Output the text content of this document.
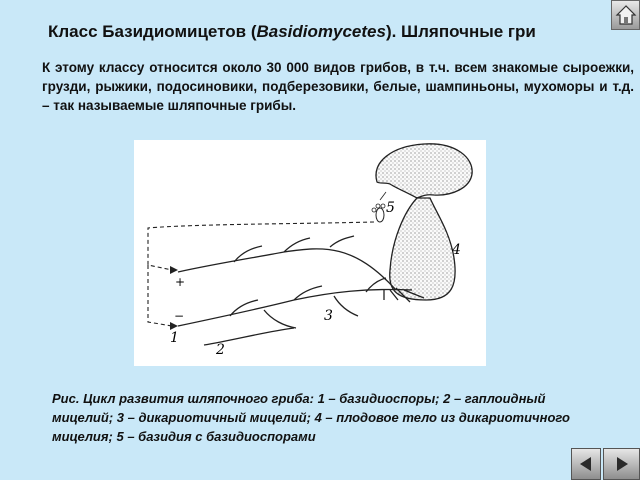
Класс Базидиомицетов (Basidiomycetes). Шляпочные гри
К этому классу относится около 30 000 видов грибов, в т.ч. всем знакомые сыроежки, грузди, рыжики, подосиновики, подберезовики, белые, шампиньоны, мухоморы и т.д. – так называемые шляпочные грибы.
+
−
1
2
3
4
5
Рис. Цикл развития шляпочного гриба: 1 – базидиоспоры; 2 – гаплоидный мицелий; 3 – дикариотичный мицелий; 4 – плодовое тело из дикариотичного мицелия; 5 – базидия с базидиоспорами
